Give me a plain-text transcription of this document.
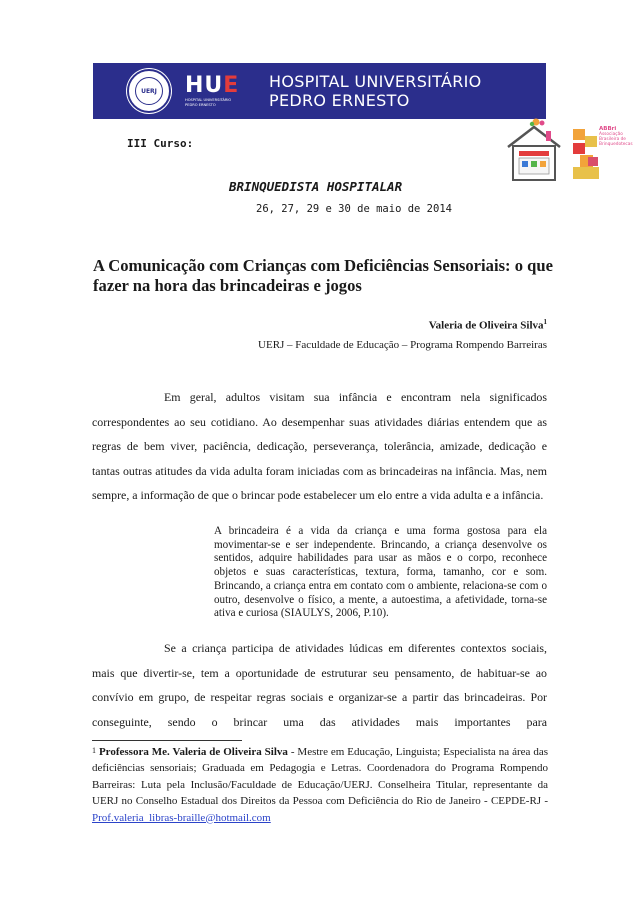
UERJ HUE
HOSPITAL UNIVERSITÁRIO
PEDRO ERNESTO
HOSPITAL UNIVERSITÁRIO
PEDRO ERNESTO
ABBri
Associação
Brasileira de
Brinquedotecas
III Curso:
BRINQUEDISTA HOSPITALAR
26, 27, 29 e 30 de maio de 2014
A Comunicação com Crianças com Deficiências Sensoriais: o que fazer na hora das brincadeiras e jogos
Valeria de Oliveira Silva$^1$
UERJ – Faculdade de Educação – Programa Rompendo Barreiras

Em geral, adultos visitam sua infância e encontram nela significados correspondentes ao seu cotidiano. Ao desempenhar suas atividades diárias entendem que as regras de bem viver, paciência, dedicação, perseverança, tolerância, amizade, dedicação e tantas outras atitudes da vida adulta foram iniciadas com as brincadeiras na infância. Mas, nem sempre, a informação de que o brincar pode estabelecer um elo entre a vida adulta e a infância.

A brincadeira é a vida da criança e uma forma gostosa para ela movimentar-se e ser independente. Brincando, a criança desenvolve os sentidos, adquire habilidades para usar as mãos e o corpo, reconhece objetos e suas características, textura, forma, tamanho, cor e som. Brincando, a criança entra em contato com o ambiente, relaciona-se com o outro, desenvolve o físico, a mente, a autoestima, a afetividade, torna-se ativa e curiosa (SIAULYS, 2006, P.10).

Se a criança participa de atividades lúdicas em diferentes contextos sociais, mais que divertir-se, tem a oportunidade de estruturar seu pensamento, de habituar-se ao convívio em grupo, de respeitar regras sociais e organizar-se a partir das brincadeiras. Por conseguinte, sendo o brincar uma das atividades mais importantes para

1 Professora Me. Valeria de Oliveira Silva - Mestre em Educação, Linguista; Especialista na área das deficiências sensoriais; Graduada em Pedagogia e Letras. Coordenadora do Programa Rompendo Barreiras: Luta pela Inclusão/Faculdade de Educação/UERJ. Conselheira Titular, representante da UERJ no Conselho Estadual dos Direitos da Pessoa com Deficiência do Rio de Janeiro - CEPDE-RJ - Prof.valeria_libras-braille@hotmail.com
